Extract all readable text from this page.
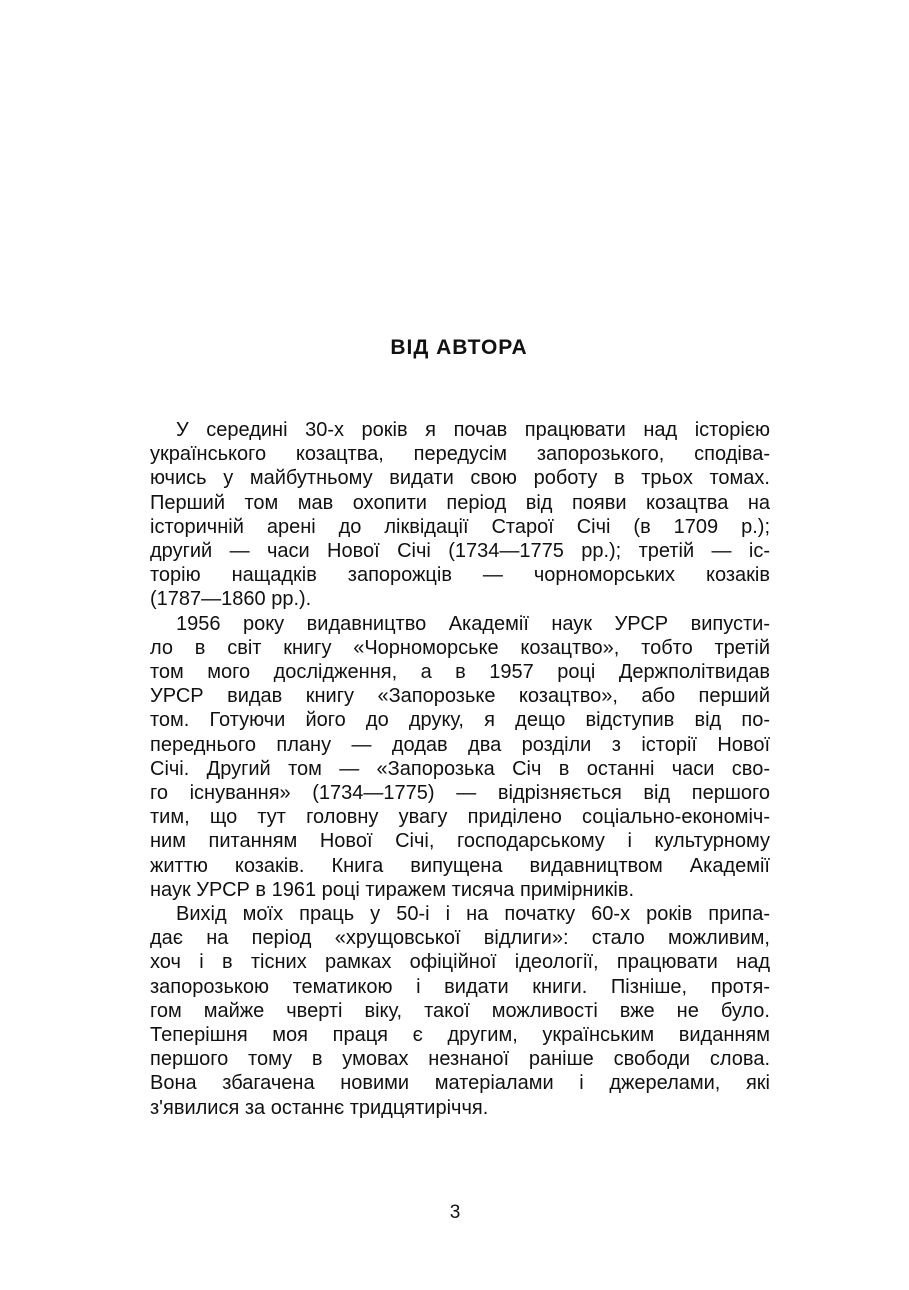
ВІД АВТОРА

У середині 30-х років я почав працювати над історією
українського козацтва, передусім запорозького, сподіва-
ючись у майбутньому видати свою роботу в трьох томах.
Перший том мав охопити період від появи козацтва на
історичній арені до ліквідації Старої Січі (в 1709 р.);
другий — часи Нової Січі (1734—1775 рр.); третій — іс-
торію нащадків запорожців — чорноморських козаків
(1787—1860 рр.).

1956 року видавництво Академії наук УРСР випусти-
ло в світ книгу «Чорноморське козацтво», тобто третій
том мого дослідження, а в 1957 році Держполітвидав
УРСР видав книгу «Запорозьке козацтво», або перший
том. Готуючи його до друку, я дещо відступив від по-
переднього плану — додав два розділи з історії Нової
Січі. Другий том — «Запорозька Січ в останні часи сво-
го існування» (1734—1775) — відрізняється від першого
тим, що тут головну увагу приділено соціально-економіч-
ним питанням Нової Січі, господарському і культурному
життю козаків. Книга випущена видавництвом Академії
наук УРСР в 1961 році тиражем тисяча примірників.

Вихід моїх праць у 50-і і на початку 60-х років припа-
дає на період «хрущовської відлиги»: стало можливим,
хоч і в тісних рамках офіційної ідеології, працювати над
запорозькою тематикою і видати книги. Пізніше, протя-
гом майже чверті віку, такої можливості вже не було.
Теперішня моя праця є другим, українським виданням
першого тому в умовах незнаної раніше свободи слова.
Вона збагачена новими матеріалами і джерелами, які
з'явилися за останнє тридцятиріччя.

3
